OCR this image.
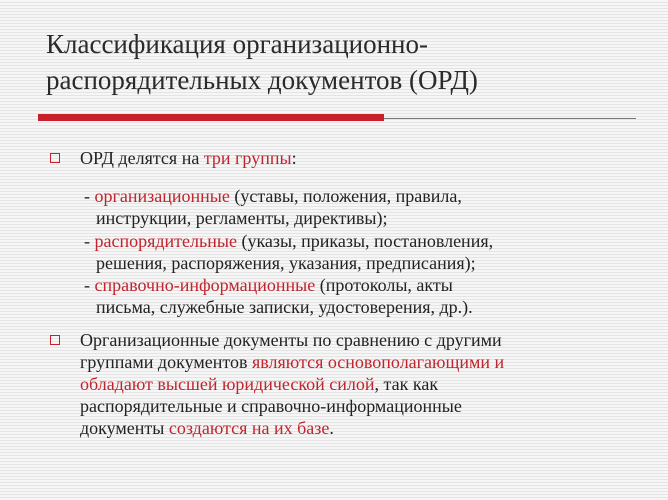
Классификация организационно-
распорядительных документов (ОРД)
ОРД делятся на три группы:
- организационные (уставы, положения, правила,
инструкции, регламенты, директивы);
- распорядительные (указы, приказы, постановления,
решения, распоряжения, указания, предписания);
- справочно-информационные (протоколы, акты
письма, служебные записки, удостоверения, др.).
Организационные документы по сравнению с другими
группами документов являются основополагающими и
обладают высшей юридической силой, так как
распорядительные и справочно-информационные
документы создаются на их базе.
